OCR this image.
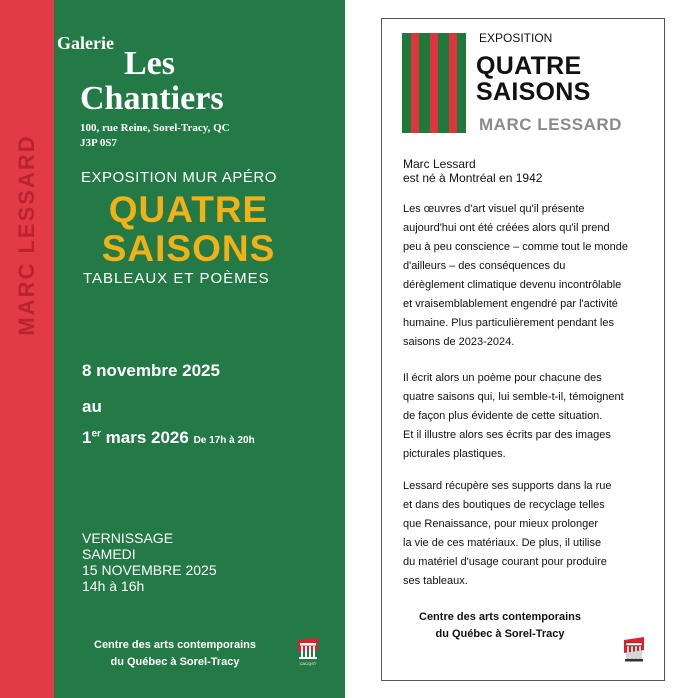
MARC LESSARD
Galerie
Les
Chantiers
100, rue Reine, Sorel-Tracy, QC
J3P 0S7
EXPOSITION MUR APÉRO
QUATRE
SAISONS
TABLEAUX ET POÈMES
8 novembre 2025
au
1er mars 2026 De 17h à 20h
VERNISSAGE
SAMEDI
15 NOVEMBRE 2025
14h à 16h
Centre des arts contemporains
du Québec à Sorel-Tracy	CACQST
EXPOSITION
QUATRE
SAISONS
MARC LESSARD
Marc Lessard
est né à Montréal en 1942
Les œuvres d'art visuel qu'il présente
aujourd'hui ont été créées alors qu'il prend
peu à peu conscience – comme tout le monde
d'ailleurs – des conséquences du
dérèglement climatique devenu incontrôlable
et vraisemblablement engendré par l'activité
humaine. Plus particulièrement pendant les
saisons de 2023-2024.
Il écrit alors un poème pour chacune des
quatre saisons qui, lui semble-t-il, témoignent
de façon plus évidente de cette situation.
Et il illustre alors ses écrits par des images
picturales plastiques.
Lessard récupère ses supports dans la rue
et dans des boutiques de recyclage telles
que Renaissance, pour mieux prolonger
la vie de ces matériaux. De plus, il utilise
du matériel d'usage courant pour produire
ses tableaux.
Centre des arts contemporains
du Québec à Sorel-Tracy
